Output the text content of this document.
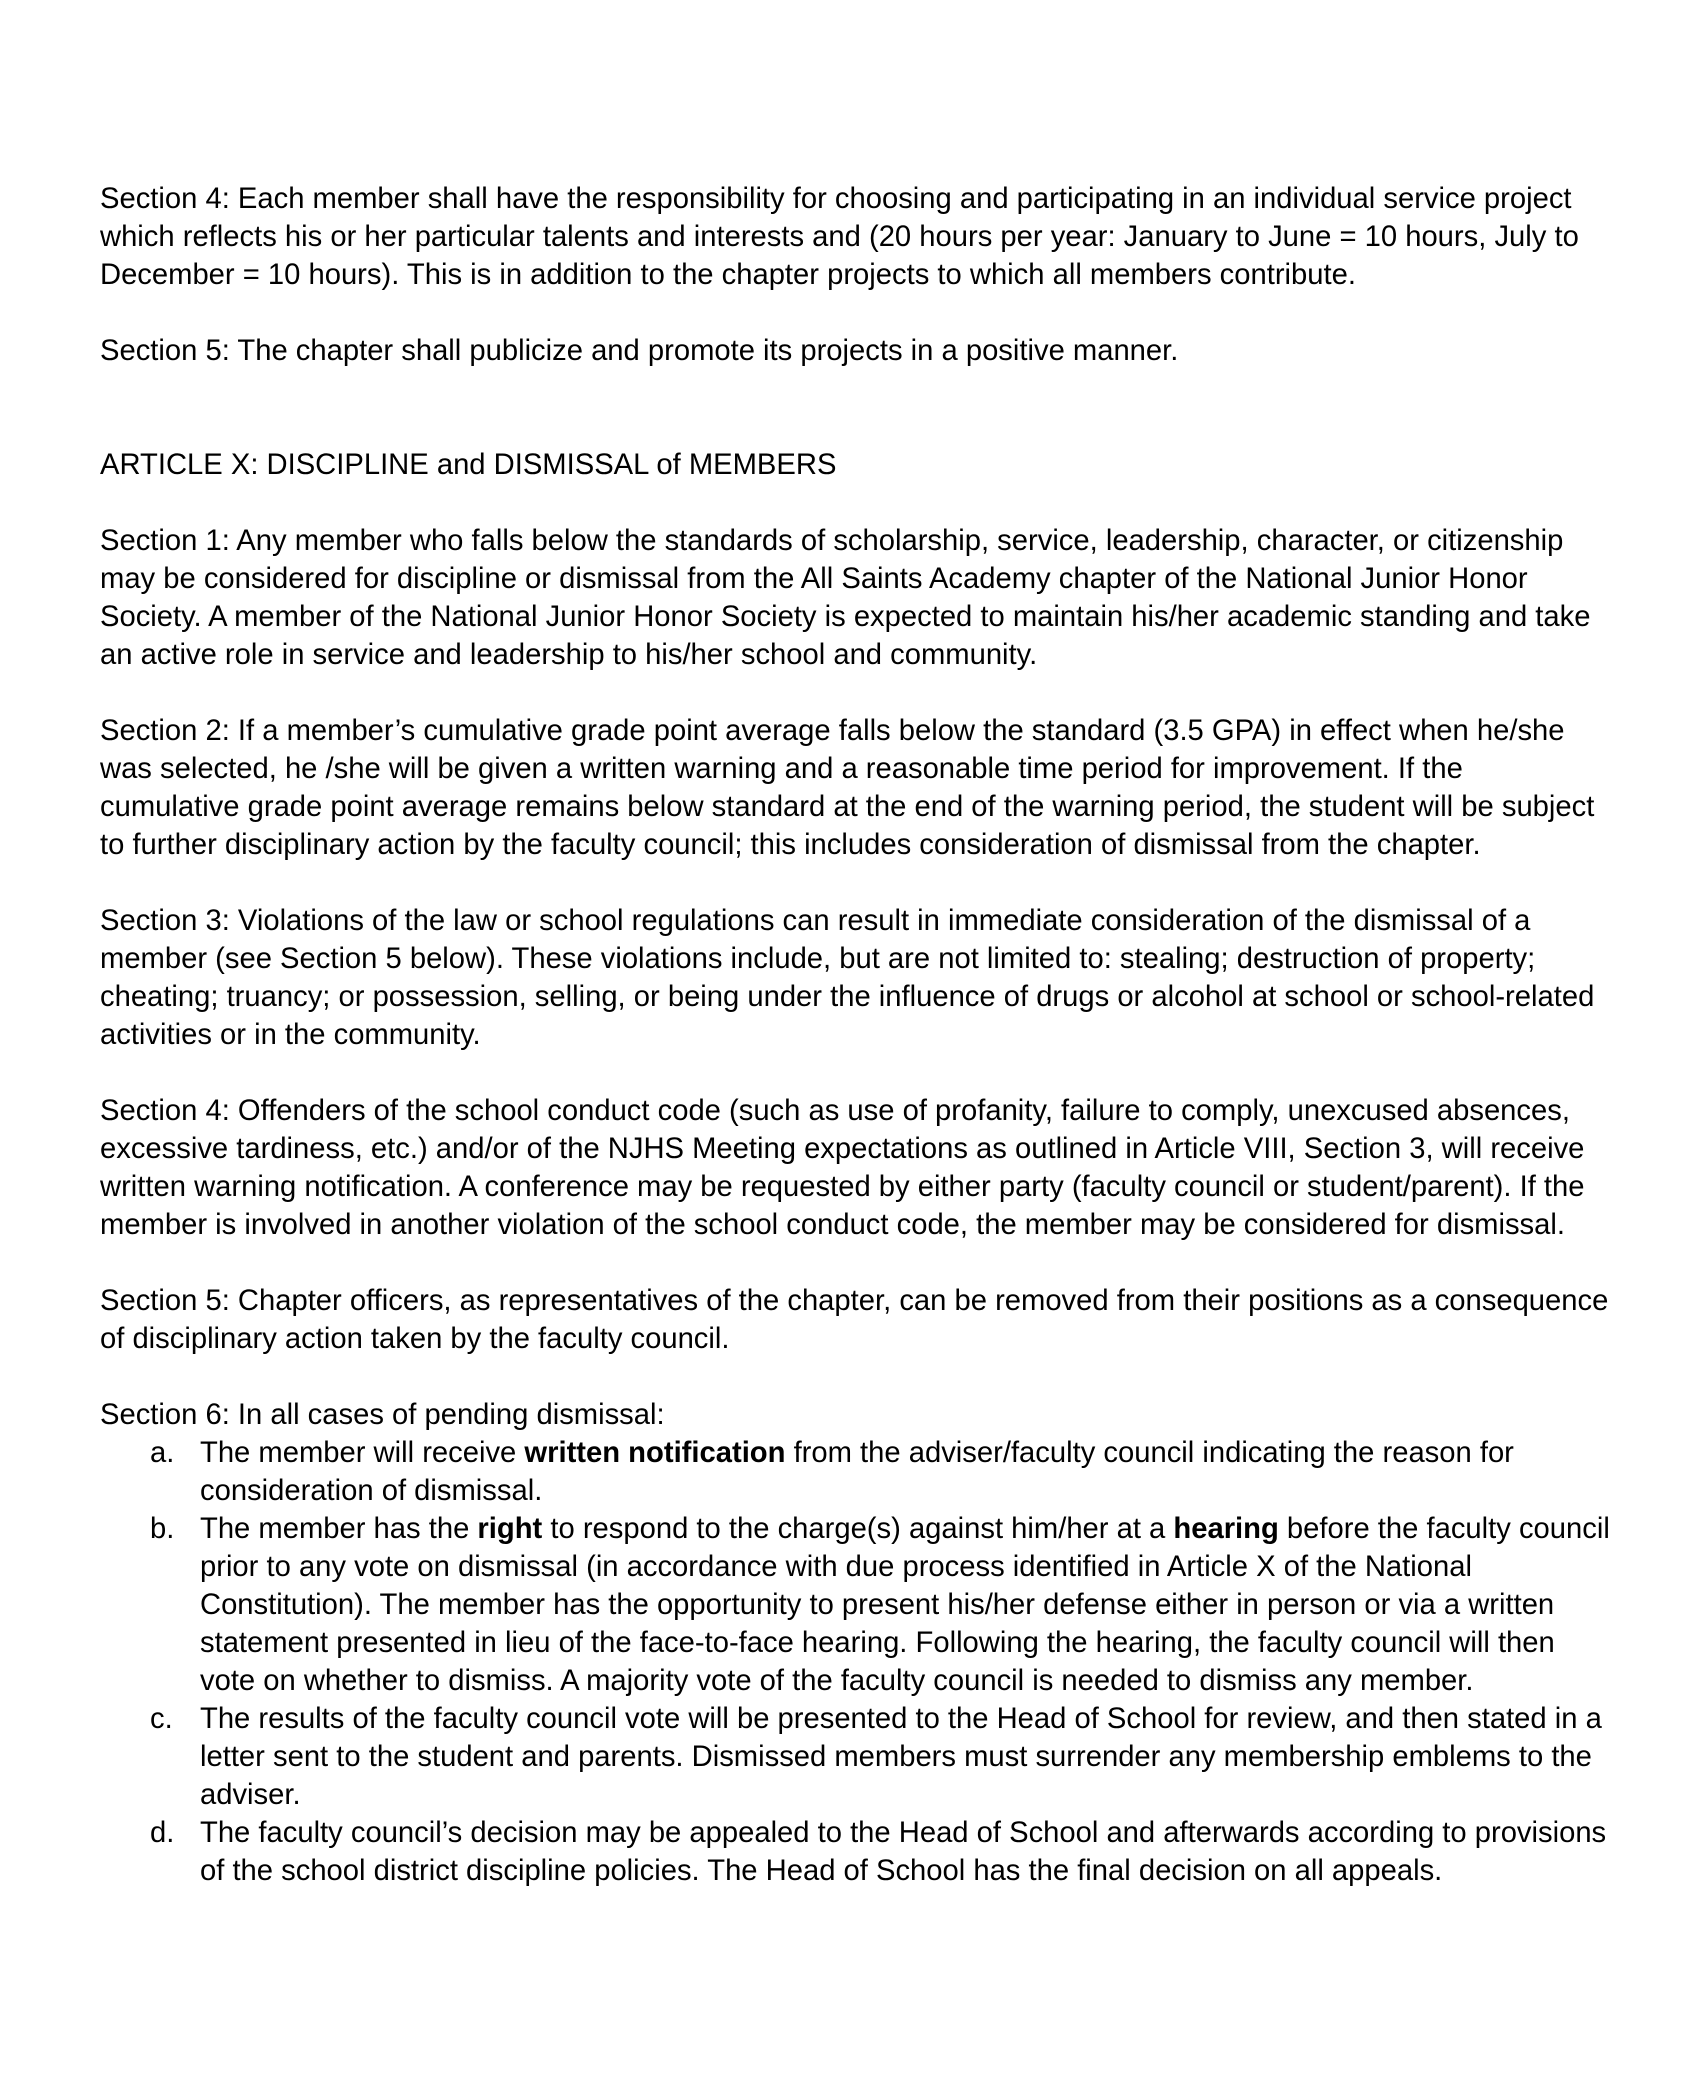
Section 4: Each member shall have the responsibility for choosing and participating in an individual service project which reflects his or her particular talents and interests and (20 hours per year: January to June = 10 hours, July to December = 10 hours). This is in addition to the chapter projects to which all members contribute.

Section 5: The chapter shall publicize and promote its projects in a positive manner.

ARTICLE X: DISCIPLINE and DISMISSAL of MEMBERS

Section 1: Any member who falls below the standards of scholarship, service, leadership, character, or citizenship may be considered for discipline or dismissal from the All Saints Academy chapter of the National Junior Honor Society. A member of the National Junior Honor Society is expected to maintain his/her academic standing and take an active role in service and leadership to his/her school and community.

Section 2: If a member’s cumulative grade point average falls below the standard (3.5 GPA) in effect when he/she was selected, he /she will be given a written warning and a reasonable time period for improvement. If the cumulative grade point average remains below standard at the end of the warning period, the student will be subject to further disciplinary action by the faculty council; this includes consideration of dismissal from the chapter.

Section 3: Violations of the law or school regulations can result in immediate consideration of the dismissal of a member (see Section 5 below). These violations include, but are not limited to: stealing; destruction of property; cheating; truancy; or possession, selling, or being under the influence of drugs or alcohol at school or school-related activities or in the community.

Section 4: Offenders of the school conduct code (such as use of profanity, failure to comply, unexcused absences, excessive tardiness, etc.) and/or of the NJHS Meeting expectations as outlined in Article VIII, Section 3, will receive written warning notification. A conference may be requested by either party (faculty council or student/parent). If the member is involved in another violation of the school conduct code, the member may be considered for dismissal.

Section 5: Chapter officers, as representatives of the chapter, can be removed from their positions as a consequence of disciplinary action taken by the faculty council.

Section 6: In all cases of pending dismissal:

a. The member will receive written notification from the adviser/faculty council indicating the reason for consideration of dismissal.
b. The member has the right to respond to the charge(s) against him/her at a hearing before the faculty council prior to any vote on dismissal (in accordance with due process identified in Article X of the National Constitution). The member has the opportunity to present his/her defense either in person or via a written statement presented in lieu of the face-to-face hearing. Following the hearing, the faculty council will then vote on whether to dismiss. A majority vote of the faculty council is needed to dismiss any member.
c. The results of the faculty council vote will be presented to the Head of School for review, and then stated in a letter sent to the student and parents. Dismissed members must surrender any membership emblems to the adviser.
d. The faculty council’s decision may be appealed to the Head of School and afterwards according to provisions of the school district discipline policies. The Head of School has the final decision on all appeals.
